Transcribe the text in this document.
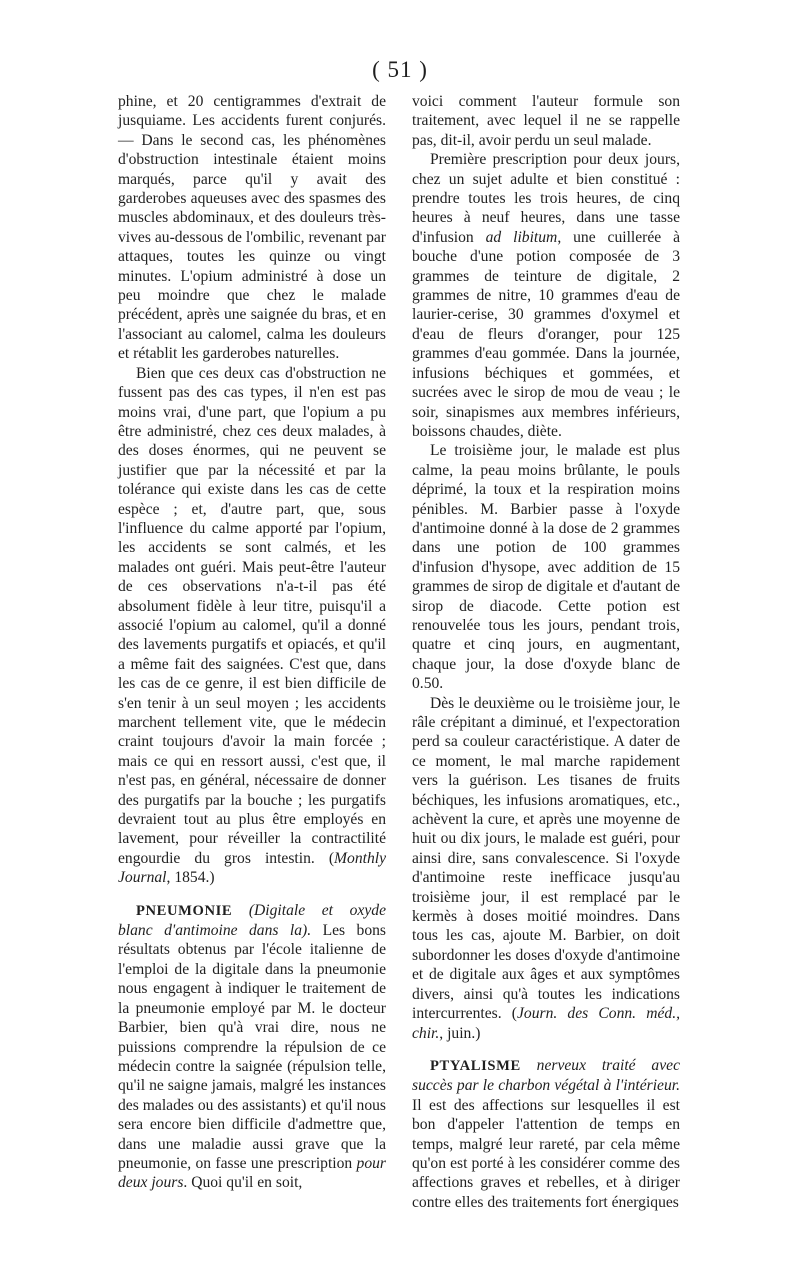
( 51 )

phine, et 20 centigrammes d'extrait de jusquiame. Les accidents furent conjurés. — Dans le second cas, les phénomènes d'obstruction intestinale étaient moins marqués, parce qu'il y avait des garderobes aqueuses avec des spasmes des muscles abdominaux, et des douleurs très-vives au-dessous de l'ombilic, revenant par attaques, toutes les quinze ou vingt minutes. L'opium administré à dose un peu moindre que chez le malade précédent, après une saignée du bras, et en l'associant au calomel, calma les douleurs et rétablit les garderobes naturelles.

Bien que ces deux cas d'obstruction ne fussent pas des cas types, il n'en est pas moins vrai, d'une part, que l'opium a pu être administré, chez ces deux malades, à des doses énormes, qui ne peuvent se justifier que par la nécessité et par la tolérance qui existe dans les cas de cette espèce ; et, d'autre part, que, sous l'influence du calme apporté par l'opium, les accidents se sont calmés, et les malades ont guéri. Mais peut-être l'auteur de ces observations n'a-t-il pas été absolument fidèle à leur titre, puisqu'il a associé l'opium au calomel, qu'il a donné des lavements purgatifs et opiacés, et qu'il a même fait des saignées. C'est que, dans les cas de ce genre, il est bien difficile de s'en tenir à un seul moyen ; les accidents marchent tellement vite, que le médecin craint toujours d'avoir la main forcée ; mais ce qui en ressort aussi, c'est que, il n'est pas, en général, nécessaire de donner des purgatifs par la bouche ; les purgatifs devraient tout au plus être employés en lavement, pour réveiller la contractilité engourdie du gros intestin. (Monthly Journal, 1854.)

PNEUMONIE (Digitale et oxyde blanc d'antimoine dans la). Les bons résultats obtenus par l'école italienne de l'emploi de la digitale dans la pneumonie nous engagent à indiquer le traitement de la pneumonie employé par M. le docteur Barbier, bien qu'à vrai dire, nous ne puissions comprendre la répulsion de ce médecin contre la saignée (répulsion telle, qu'il ne saigne jamais, malgré les instances des malades ou des assistants) et qu'il nous sera encore bien difficile d'admettre que, dans une maladie aussi grave que la pneumonie, on fasse une prescription pour deux jours. Quoi qu'il en soit,

voici comment l'auteur formule son traitement, avec lequel il ne se rappelle pas, dit-il, avoir perdu un seul malade.

Première prescription pour deux jours, chez un sujet adulte et bien constitué : prendre toutes les trois heures, de cinq heures à neuf heures, dans une tasse d'infusion ad libitum, une cuillerée à bouche d'une potion composée de 3 grammes de teinture de digitale, 2 grammes de nitre, 10 grammes d'eau de laurier-cerise, 30 grammes d'oxymel et d'eau de fleurs d'oranger, pour 125 grammes d'eau gommée. Dans la journée, infusions béchiques et gommées, et sucrées avec le sirop de mou de veau ; le soir, sinapismes aux membres inférieurs, boissons chaudes, diète.

Le troisième jour, le malade est plus calme, la peau moins brûlante, le pouls déprimé, la toux et la respiration moins pénibles. M. Barbier passe à l'oxyde d'antimoine donné à la dose de 2 grammes dans une potion de 100 grammes d'infusion d'hysope, avec addition de 15 grammes de sirop de digitale et d'autant de sirop de diacode. Cette potion est renouvelée tous les jours, pendant trois, quatre et cinq jours, en augmentant, chaque jour, la dose d'oxyde blanc de 0.50.

Dès le deuxième ou le troisième jour, le râle crépitant a diminué, et l'expectoration perd sa couleur caractéristique. A dater de ce moment, le mal marche rapidement vers la guérison. Les tisanes de fruits béchiques, les infusions aromatiques, etc., achèvent la cure, et après une moyenne de huit ou dix jours, le malade est guéri, pour ainsi dire, sans convalescence. Si l'oxyde d'antimoine reste inefficace jusqu'au troisième jour, il est remplacé par le kermès à doses moitié moindres. Dans tous les cas, ajoute M. Barbier, on doit subordonner les doses d'oxyde d'antimoine et de digitale aux âges et aux symptômes divers, ainsi qu'à toutes les indications intercurrentes. (Journ. des Conn. méd., chir., juin.)

PTYALISME nerveux traité avec succès par le charbon végétal à l'intérieur. Il est des affections sur lesquelles il est bon d'appeler l'attention de temps en temps, malgré leur rareté, par cela même qu'on est porté à les considérer comme des affections graves et rebelles, et à diriger contre elles des traitements fort énergiques
